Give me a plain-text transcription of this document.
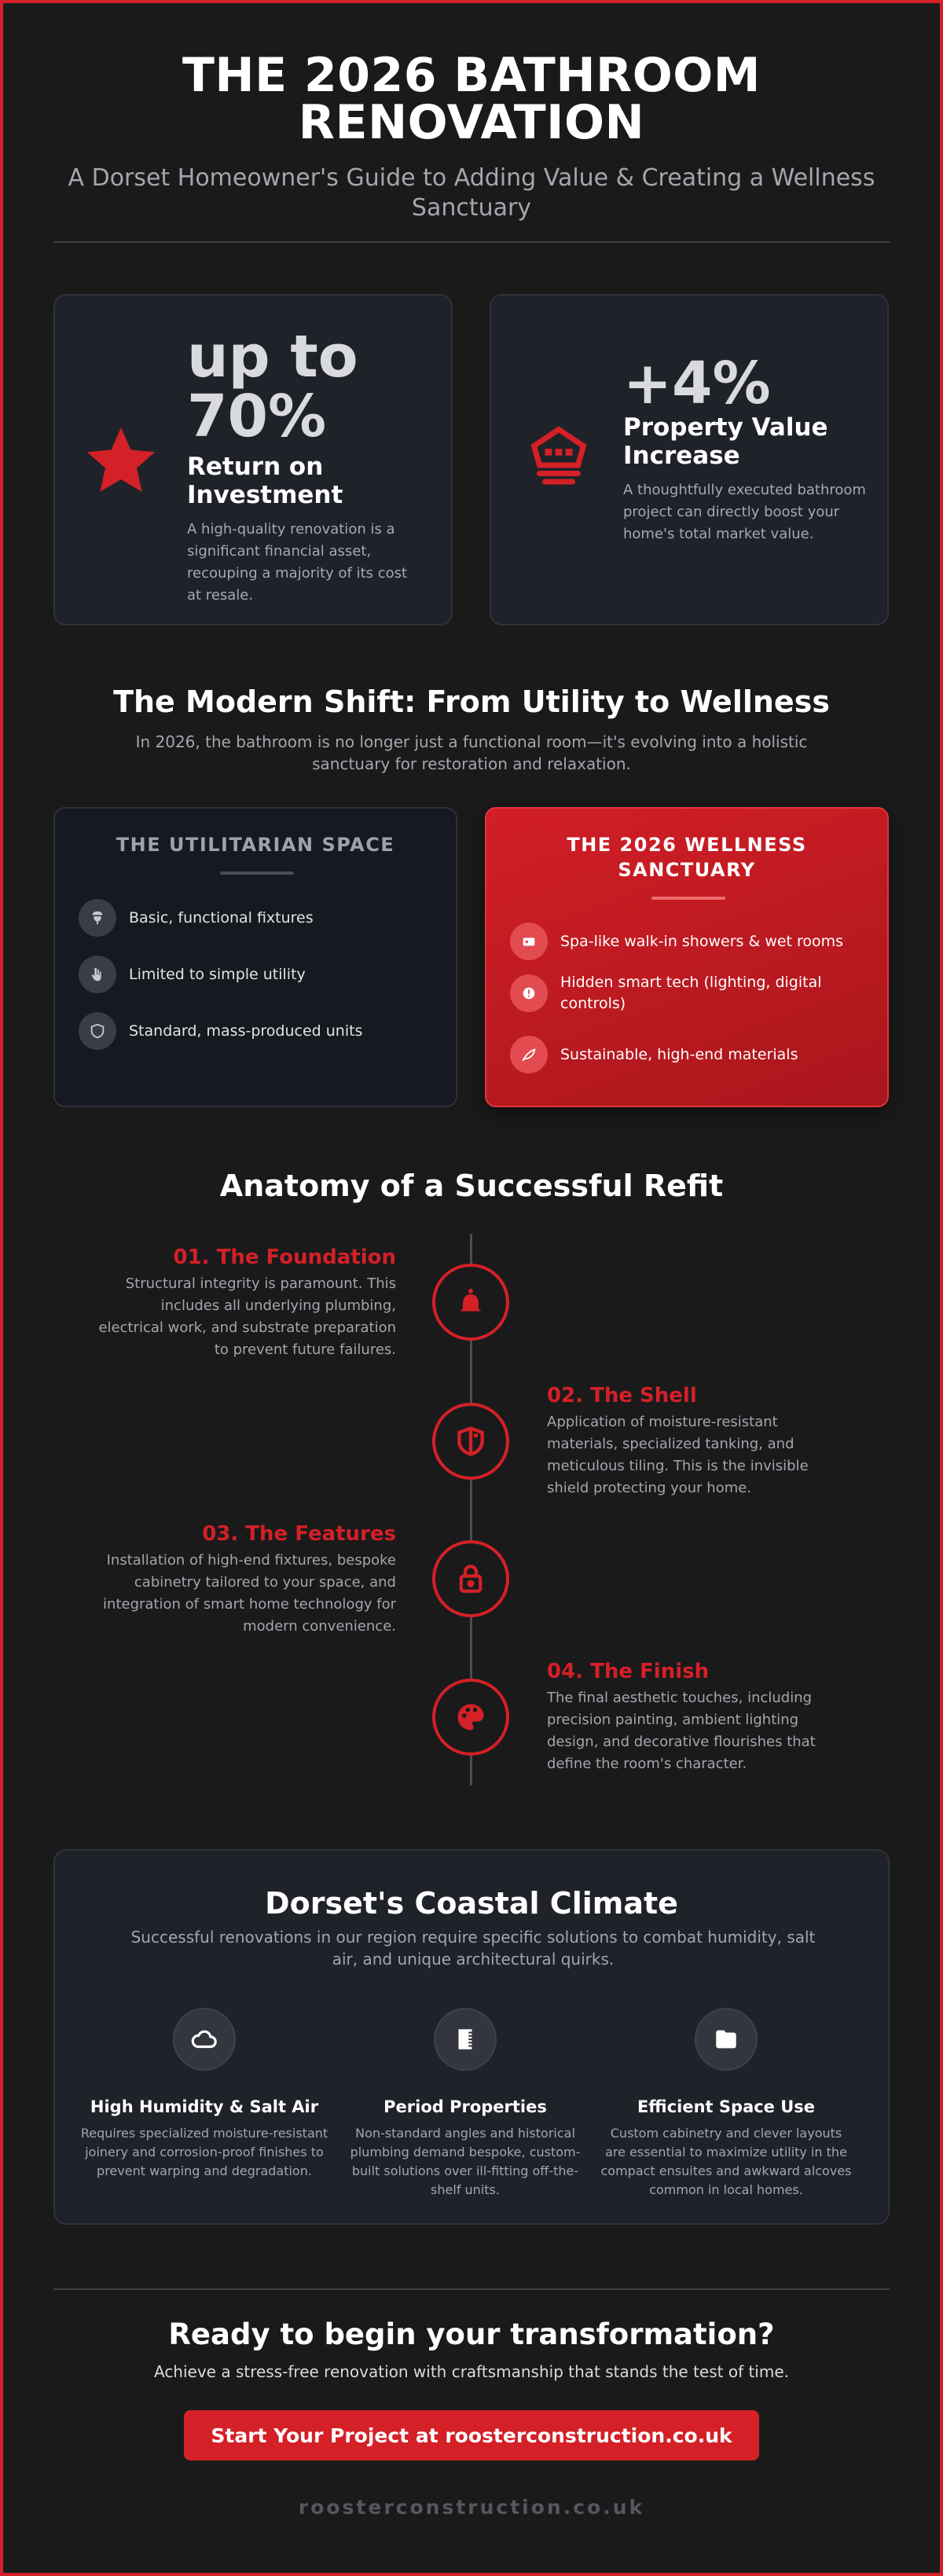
THE 2026 BATHROOM
RENOVATION
A Dorset Homeowner's Guide to Adding Value & Creating a Wellness Sanctuary
up to
70%
Return on Investment
A high-quality renovation is a significant financial asset, recouping a majority of its cost at resale.
+4%
Property Value Increase
A thoughtfully executed bathroom project can directly boost your home's total market value.
The Modern Shift: From Utility to Wellness
In 2026, the bathroom is no longer just a functional room—it's evolving into a holistic sanctuary for restoration and relaxation.
THE UTILITARIAN SPACE
Basic, functional fixtures
Limited to simple utility
Standard, mass-produced units
THE 2026 WELLNESS
SANCTUARY
Spa-like walk-in showers & wet rooms
Hidden smart tech (lighting, digital controls)
Sustainable, high-end materials
Anatomy of a Successful Refit
01. The Foundation
Structural integrity is paramount. This includes all underlying plumbing, electrical work, and substrate preparation to prevent future failures.
02. The Shell
Application of moisture-resistant materials, specialized tanking, and meticulous tiling. This is the invisible shield protecting your home.
03. The Features
Installation of high-end fixtures, bespoke cabinetry tailored to your space, and integration of smart home technology for modern convenience.
04. The Finish
The final aesthetic touches, including precision painting, ambient lighting design, and decorative flourishes that define the room's character.
Dorset's Coastal Climate
Successful renovations in our region require specific solutions to combat humidity, salt air, and unique architectural quirks.
High Humidity & Salt Air
Requires specialized moisture-resistant joinery and corrosion-proof finishes to prevent warping and degradation.
Period Properties
Non-standard angles and historical plumbing demand bespoke, custom-built solutions over ill-fitting off-the-shelf units.
Efficient Space Use
Custom cabinetry and clever layouts are essential to maximize utility in the compact ensuites and awkward alcoves common in local homes.
Ready to begin your transformation?
Achieve a stress-free renovation with craftsmanship that stands the test of time.
Start Your Project at roosterconstruction.co.uk
roosterconstruction.co.uk
